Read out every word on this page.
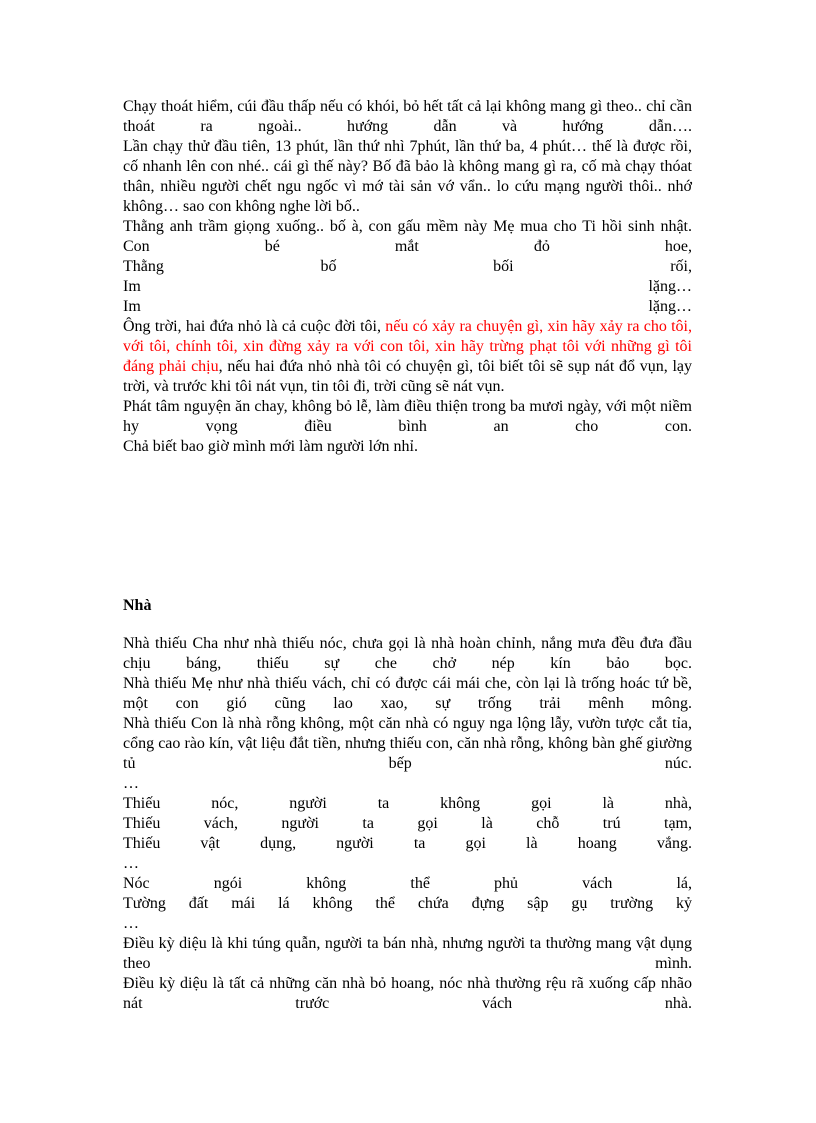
Chạy thoát hiểm, cúi đầu thấp nếu có khói, bỏ hết tất cả lại không mang gì theo.. chỉ cần thoát ra ngoài.. hướng dẫn và hướng dẫn….

Lần chạy thử đầu tiên, 13 phút, lần thứ nhì 7phút, lần thứ ba, 4 phút… thế là được rồi, cố nhanh lên con nhé.. cái gì thế này? Bố đã bảo là không mang gì ra, cố mà chạy thóat thân, nhiều người chết ngu ngốc vì mớ tài sản vớ vẩn.. lo cứu mạng người thôi.. nhớ không… sao con không nghe lời bố..

Thằng anh trầm giọng xuống.. bố à, con gấu mềm này Mẹ mua cho Ti hồi sinh nhật.

Con bé mắt đỏ hoe,

Thằng bố bối rối,

Im lặng…

Im lặng…

Ông trời, hai đứa nhỏ là cả cuộc đời tôi, nếu có xảy ra chuyện gì, xin hãy xảy ra cho tôi, với tôi, chính tôi, xin đừng xảy ra với con tôi, xin hãy trừng phạt tôi với những gì tôi đáng phải chịu, nếu hai đứa nhỏ nhà tôi có chuyện gì, tôi biết tôi sẽ sụp nát đổ vụn, lạy trời, và trước khi tôi nát vụn, tin tôi đi, trời cũng sẽ nát vụn.

Phát tâm nguyện ăn chay, không bỏ lễ, làm điều thiện trong ba mươi ngày, với một niềm hy vọng điều bình an cho con.

Chả biết bao giờ mình mới làm người lớn nhỉ.

Nhà

Nhà thiếu Cha như nhà thiếu nóc, chưa gọi là nhà hoàn chỉnh, nắng mưa đều đưa đầu chịu báng, thiếu sự che chở nép kín bảo bọc.

Nhà thiếu Mẹ như nhà thiếu vách, chỉ có được cái mái che, còn lại là trống hoác tứ bề, một con gió cũng lao xao, sự trống trải mênh mông.

Nhà thiếu Con là nhà rỗng không, một căn nhà có nguy nga lộng lẫy, vườn tược cắt tỉa, cổng cao rào kín, vật liệu đắt tiền, nhưng thiếu con, căn nhà rỗng, không bàn ghế giường tủ bếp núc.

…

Thiếu nóc, người ta không gọi là nhà,

Thiếu vách, người ta gọi là chỗ trú tạm,

Thiếu vật dụng, người ta gọi là hoang vắng.

…

Nóc ngói không thể phủ vách lá,

Tường đất mái lá không thể chứa đựng sập gụ trường kỷ

…

Điều kỳ diệu là khi túng quẫn, người ta bán nhà, nhưng người ta thường mang vật dụng theo mình.

Điều kỳ diệu là tất cả những căn nhà bỏ hoang, nóc nhà thường rệu rã xuống cấp nhão nát trước vách nhà.
